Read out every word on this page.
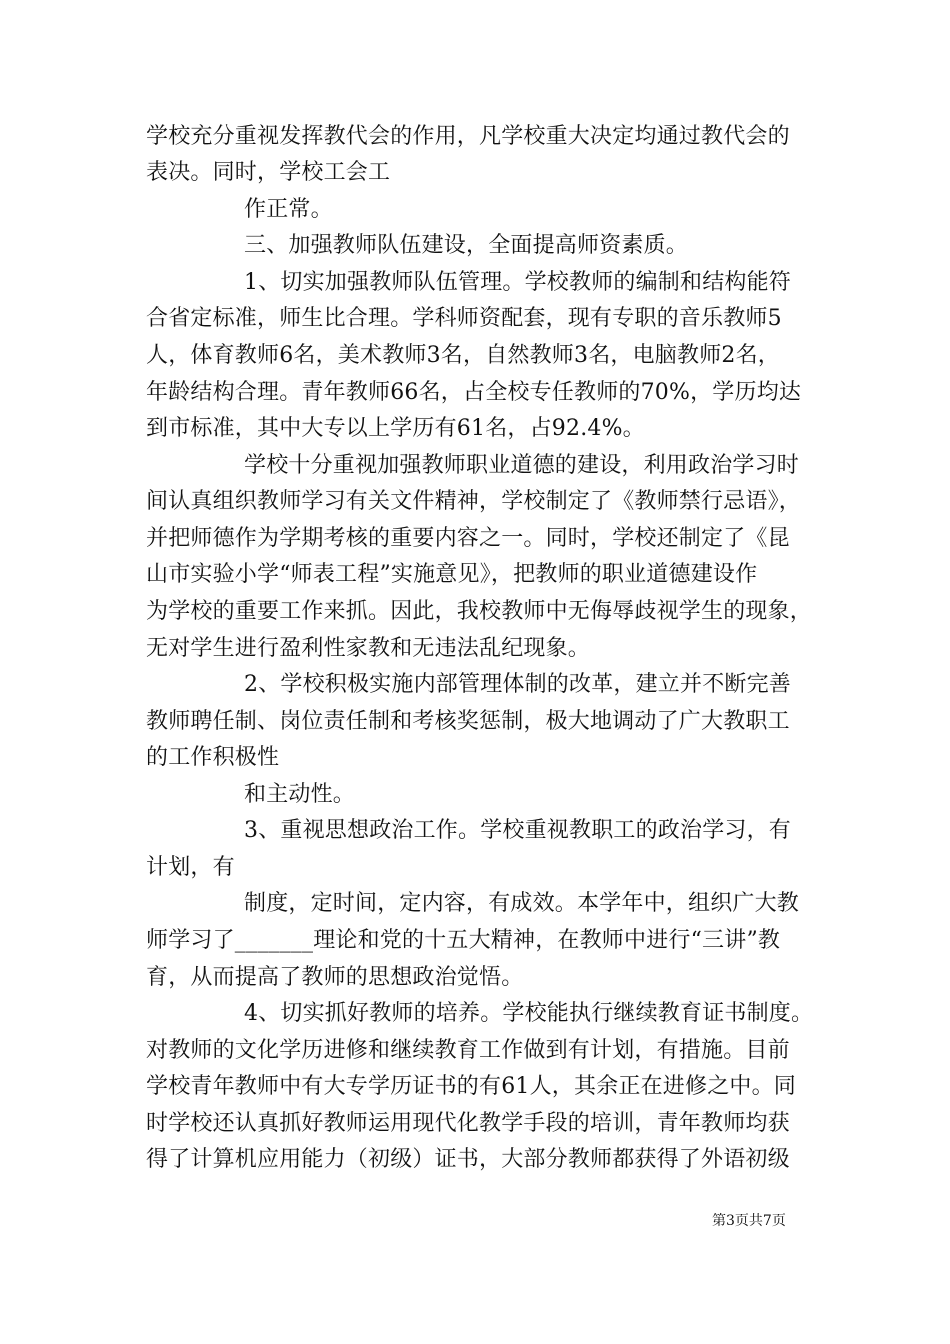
学校充分重视发挥教代会的作用，凡学校重大决定均通过教代会的
表决。同时，学校工会工
作正常。
三、加强教师队伍建设，全面提高师资素质。
1、切实加强教师队伍管理。学校教师的编制和结构能符
合省定标准，师生比合理。学科师资配套，现有专职的音乐教师5
人，体育教师6名，美术教师3名，自然教师3名，电脑教师2名，
年龄结构合理。青年教师66名，占全校专任教师的70%，学历均达
到市标准，其中大专以上学历有61名，占92.4%。
学校十分重视加强教师职业道德的建设，利用政治学习时
间认真组织教师学习有关文件精神，学校制定了《教师禁行忌语》，
并把师德作为学期考核的重要内容之一。同时，学校还制定了《昆
山市实验小学“师表工程”实施意见》，把教师的职业道德建设作
为学校的重要工作来抓。因此，我校教师中无侮辱歧视学生的现象，
无对学生进行盈利性家教和无违法乱纪现象。
2、学校积极实施内部管理体制的改革，建立并不断完善
教师聘任制、岗位责任制和考核奖惩制，极大地调动了广大教职工
的工作积极性
和主动性。
3、重视思想政治工作。学校重视教职工的政治学习，有
计划，有
制度，定时间，定内容，有成效。本学年中，组织广大教
师学习了_______理论和党的十五大精神，在教师中进行“三讲”教
育，从而提高了教师的思想政治觉悟。
4、切实抓好教师的培养。学校能执行继续教育证书制度。
对教师的文化学历进修和继续教育工作做到有计划，有措施。目前
学校青年教师中有大专学历证书的有61人，其余正在进修之中。同
时学校还认真抓好教师运用现代化教学手段的培训，青年教师均获
得了计算机应用能力（初级）证书，大部分教师都获得了外语初级
第3页共7页
